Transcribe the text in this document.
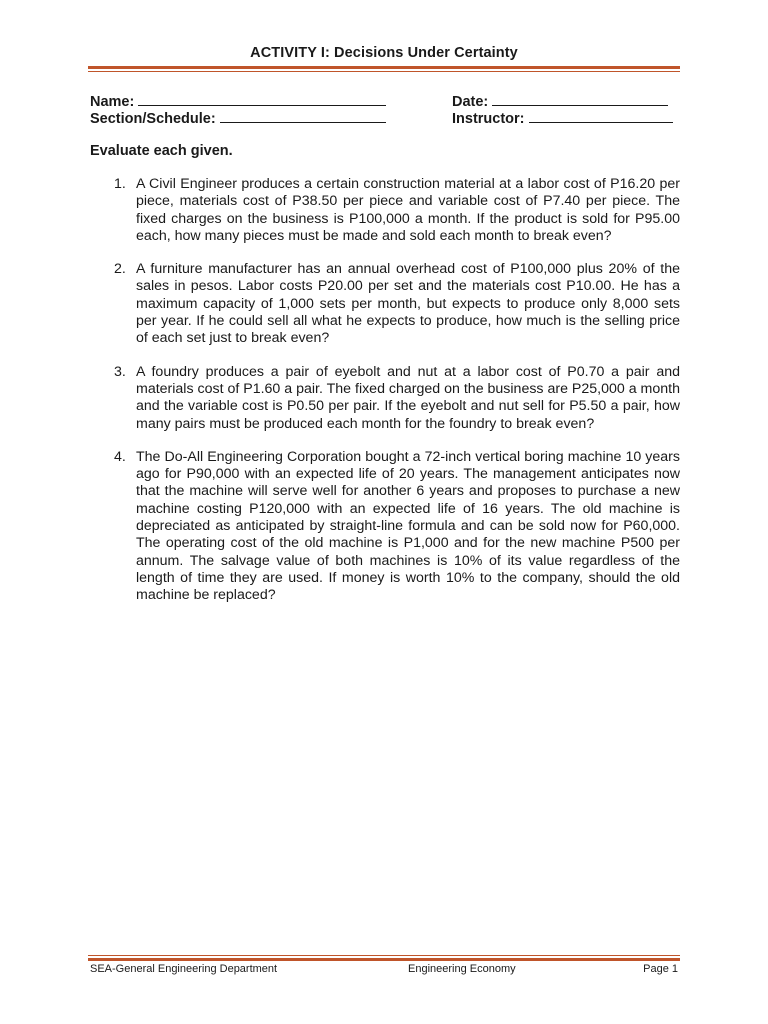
ACTIVITY I: Decisions Under Certainty
Name:	Date:
Section/Schedule:	Instructor:
Evaluate each given.
1. A Civil Engineer produces a certain construction material at a labor cost of P16.20 per piece, materials cost of P38.50 per piece and variable cost of P7.40 per piece. The fixed charges on the business is P100,000 a month. If the product is sold for P95.00 each, how many pieces must be made and sold each month to break even?
2. A furniture manufacturer has an annual overhead cost of P100,000 plus 20% of the sales in pesos. Labor costs P20.00 per set and the materials cost P10.00. He has a maximum capacity of 1,000 sets per month, but expects to produce only 8,000 sets per year. If he could sell all what he expects to produce, how much is the selling price of each set just to break even?
3. A foundry produces a pair of eyebolt and nut at a labor cost of P0.70 a pair and materials cost of P1.60 a pair. The fixed charged on the business are P25,000 a month and the variable cost is P0.50 per pair. If the eyebolt and nut sell for P5.50 a pair, how many pairs must be produced each month for the foundry to break even?
4. The Do-All Engineering Corporation bought a 72-inch vertical boring machine 10 years ago for P90,000 with an expected life of 20 years. The management anticipates now that the machine will serve well for another 6 years and proposes to purchase a new machine costing P120,000 with an expected life of 16 years. The old machine is depreciated as anticipated by straight-line formula and can be sold now for P60,000. The operating cost of the old machine is P1,000 and for the new machine P500 per annum. The salvage value of both machines is 10% of its value regardless of the length of time they are used. If money is worth 10% to the company, should the old machine be replaced?
SEA-General Engineering Department	Engineering Economy	Page 1
